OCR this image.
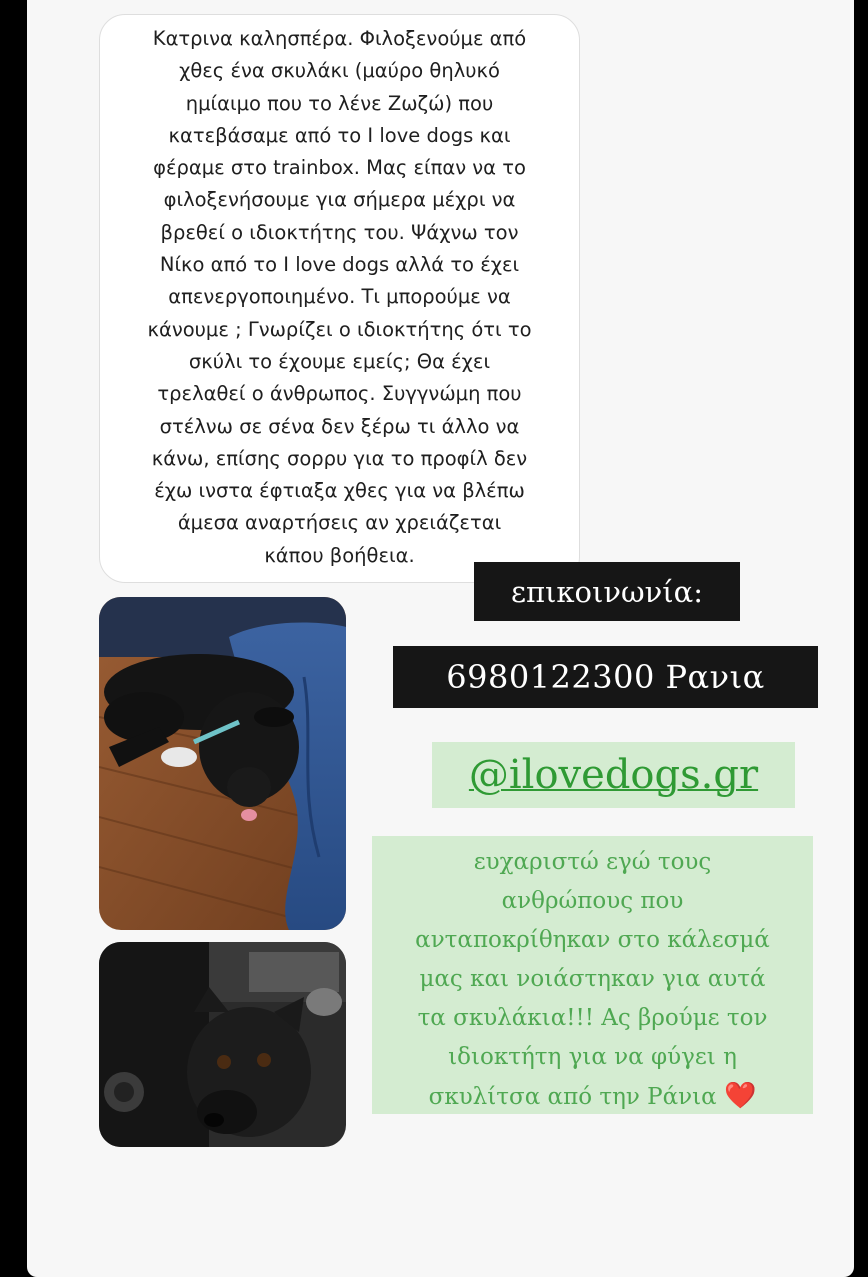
Κατρινα καλησπέρα. Φιλοξενούμε από
χθες ένα σκυλάκι (μαύρο θηλυκό
ημίαιμο που το λένε Ζωζώ) που
κατεβάσαμε από το I love dogs και
φέραμε στο trainbox. Μας είπαν να το
φιλοξενήσουμε για σήμερα μέχρι να
βρεθεί ο ιδιοκτήτης του. Ψάχνω τον
Νίκο από το I love dogs αλλά το έχει
απενεργοποιημένο. Τι μπορούμε να
κάνουμε ; Γνωρίζει ο ιδιοκτήτης ότι το
σκύλι το έχουμε εμείς; Θα έχει
τρελαθεί ο άνθρωπος. Συγγνώμη που
στέλνω σε σένα δεν ξέρω τι άλλο να
κάνω, επίσης σορρυ για το προφίλ δεν
έχω ινστα έφτιαξα χθες για να βλέπω
άμεσα αναρτήσεις αν χρειάζεται
κάπου βοήθεια.

επικοινωνία:
6980122300 Ρανια
@ilovedogs.gr
ευχαριστώ εγώ τους
ανθρώπους που
ανταποκρίθηκαν στο κάλεσμά
μας και νοιάστηκαν για αυτά
τα σκυλάκια!!! Ας βρούμε τον
ιδιοκτήτη για να φύγει η
σκυλίτσα από την Ράνια ❤️
